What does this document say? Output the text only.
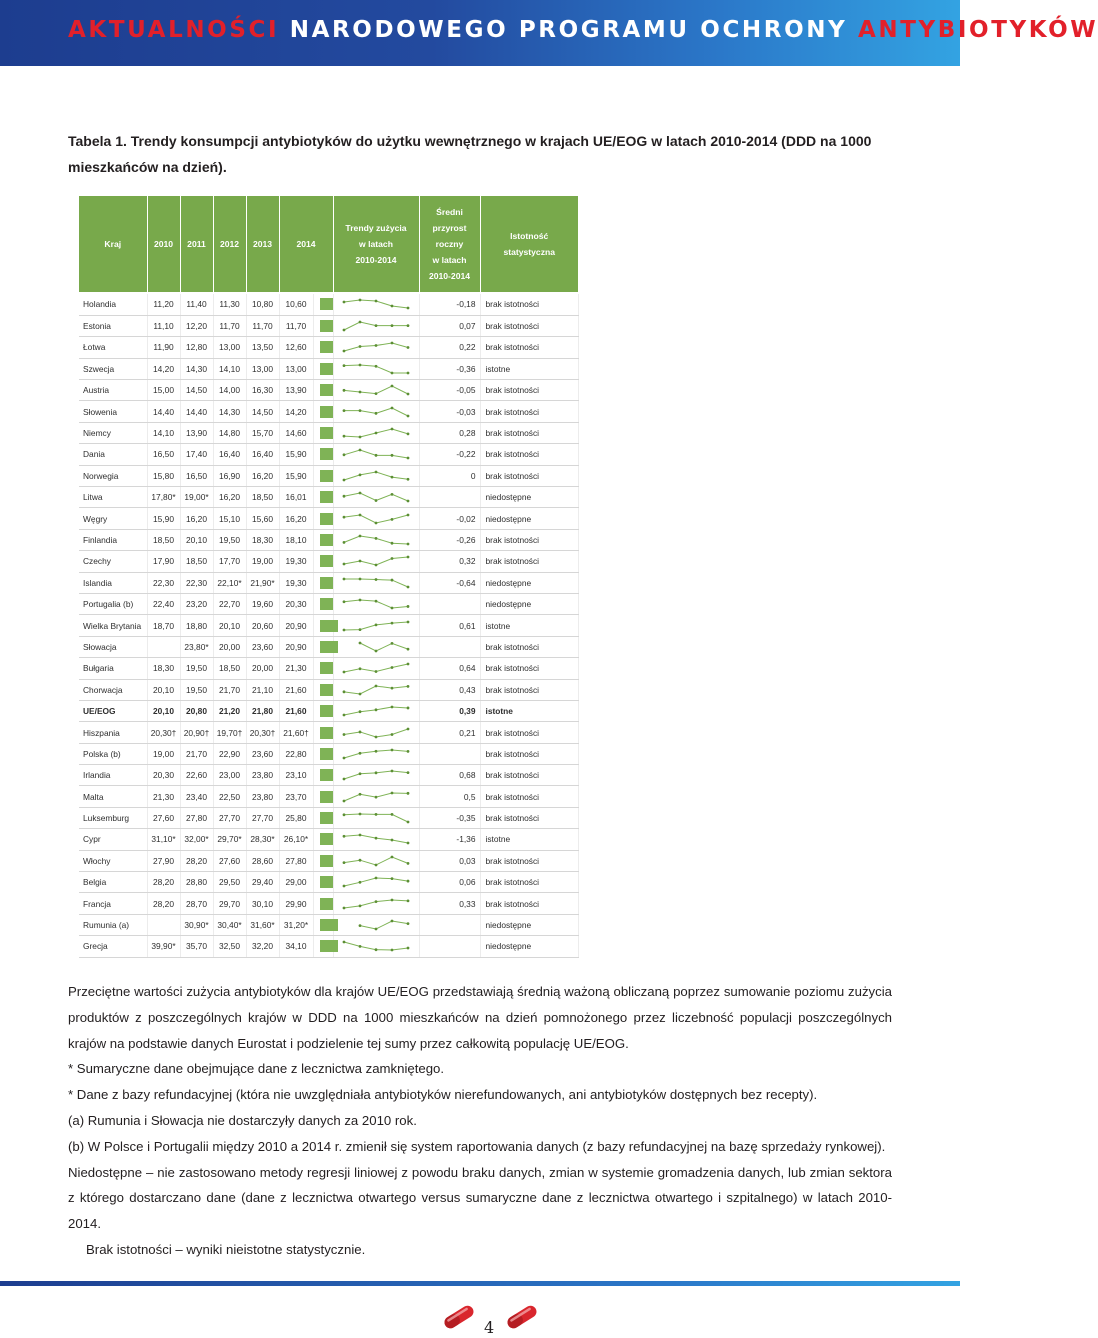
AKTUALNOŚCI NARODOWEGO PROGRAMU OCHRONY ANTYBIOTYKÓW
Tabela 1. Trendy konsumpcji antybiotyków do użytku wewnętrznego w krajach UE/EOG w latach 2010-2014 (DDD na 1000 mieszkańców na dzień).
Kraj	2010	2011	2012	2013	2014		Trendy zużycia
w latach
2010-2014	Średni
przyrost
roczny
w latach
2010-2014	Istotność
statystyczna

Holandia	11,20	11,40	11,30	10,80	10,60			-0,18	brak istotności
Estonia	11,10	12,20	11,70	11,70	11,70			0,07	brak istotności
Łotwa	11,90	12,80	13,00	13,50	12,60			0,22	brak istotności
Szwecja	14,20	14,30	14,10	13,00	13,00			-0,36	istotne
Austria	15,00	14,50	14,00	16,30	13,90			-0,05	brak istotności
Słowenia	14,40	14,40	14,30	14,50	14,20			-0,03	brak istotności
Niemcy	14,10	13,90	14,80	15,70	14,60			0,28	brak istotności
Dania	16,50	17,40	16,40	16,40	15,90			-0,22	brak istotności
Norwegia	15,80	16,50	16,90	16,20	15,90			0	brak istotności
Litwa	17,80*	19,00*	16,20	18,50	16,01				niedostępne
Węgry	15,90	16,20	15,10	15,60	16,20			-0,02	niedostępne
Finlandia	18,50	20,10	19,50	18,30	18,10			-0,26	brak istotności
Czechy	17,90	18,50	17,70	19,00	19,30			0,32	brak istotności
Islandia	22,30	22,30	22,10*	21,90*	19,30			-0,64	niedostępne
Portugalia (b)	22,40	23,20	22,70	19,60	20,30				niedostępne
Wielka Brytania	18,70	18,80	20,10	20,60	20,90			0,61	istotne
Słowacja		23,80*	20,00	23,60	20,90				brak istotności
Bułgaria	18,30	19,50	18,50	20,00	21,30			0,64	brak istotności
Chorwacja	20,10	19,50	21,70	21,10	21,60			0,43	brak istotności
UE/EOG	20,10	20,80	21,20	21,80	21,60			0,39	istotne
Hiszpania	20,30†	20,90†	19,70†	20,30†	21,60†			0,21	brak istotności
Polska (b)	19,00	21,70	22,90	23,60	22,80				brak istotności
Irlandia	20,30	22,60	23,00	23,80	23,10			0,68	brak istotności
Malta	21,30	23,40	22,50	23,80	23,70			0,5	brak istotności
Luksemburg	27,60	27,80	27,70	27,70	25,80			-0,35	brak istotności
Cypr	31,10*	32,00*	29,70*	28,30*	26,10*			-1,36	istotne
Włochy	27,90	28,20	27,60	28,60	27,80			0,03	brak istotności
Belgia	28,20	28,80	29,50	29,40	29,00			0,06	brak istotności
Francja	28,20	28,70	29,70	30,10	29,90			0,33	brak istotności
Rumunia (a)		30,90*	30,40*	31,60*	31,20*				niedostępne
Grecja	39,90*	35,70	32,50	32,20	34,10				niedostępne

Przeciętne wartości zużycia antybiotyków dla krajów UE/EOG przedstawiają średnią ważoną obliczaną poprzez sumowanie poziomu zużycia produktów z poszczególnych krajów w DDD na 1000 mieszkańców na dzień pomnożonego przez liczebność populacji poszczególnych krajów na podstawie danych Eurostat i podzielenie tej sumy przez całkowitą populację UE/EOG.

* Sumaryczne dane obejmujące dane z lecznictwa zamkniętego.

* Dane z bazy refundacyjnej (która nie uwzględniała antybiotyków nierefundowanych, ani antybiotyków dostępnych bez recepty).

(a) Rumunia i Słowacja nie dostarczyły danych za 2010 rok.

(b) W Polsce i Portugalii między 2010 a 2014 r. zmienił się system raportowania danych (z bazy refundacyjnej na bazę sprzedaży rynkowej).

Niedostępne – nie zastosowano metody regresji liniowej z powodu braku danych, zmian w systemie gromadzenia danych, lub zmian sektora z którego dostarczano dane (dane z lecznictwa otwartego versus sumaryczne dane z lecznictwa otwartego i szpitalnego) w latach 2010-2014.

Brak istotności – wyniki nieistotne statystycznie.

4
